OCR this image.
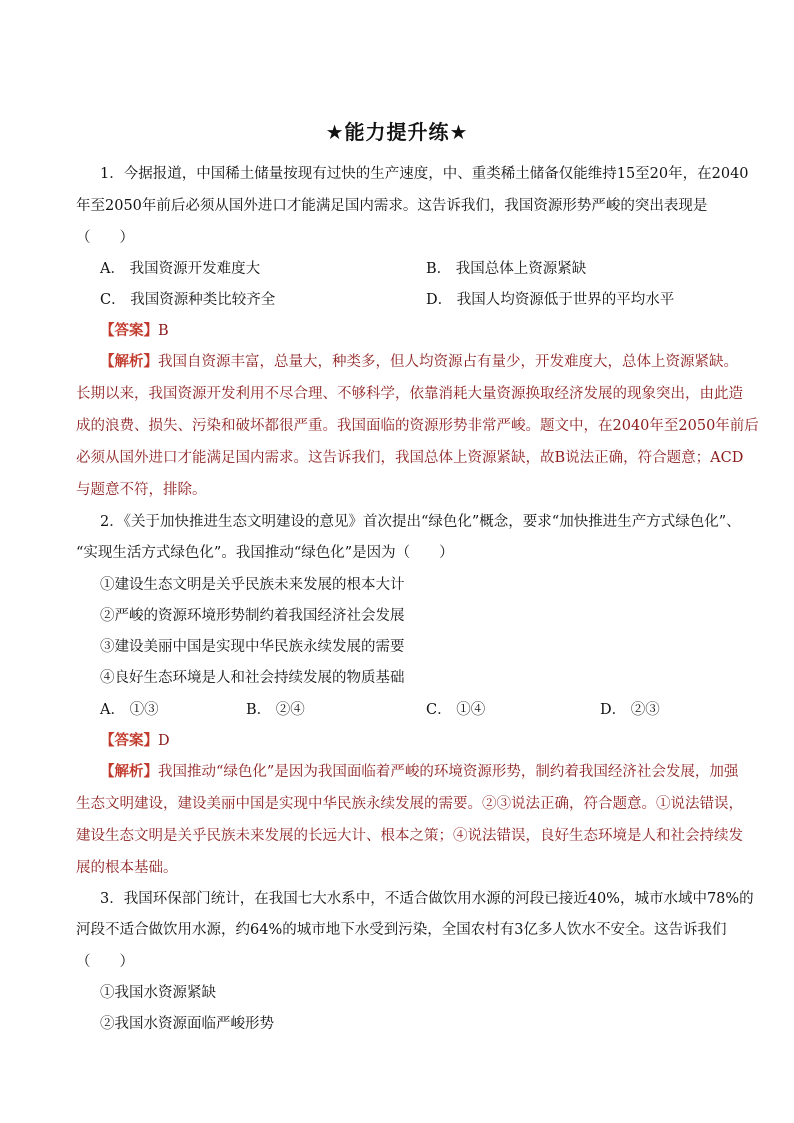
★能力提升练★
1．今据报道，中国稀土储量按现有过快的生产速度，中、重类稀土储备仅能维持15至20年，在2040
年至2050年前后必须从国外进口才能满足国内需求。这告诉我们，我国资源形势严峻的突出表现是
（　　）
A． 我国资源开发难度大	B． 我国总体上资源紧缺
C． 我国资源种类比较齐全	D． 我国人均资源低于世界的平均水平
【答案】B
【解析】我国自资源丰富，总量大，种类多，但人均资源占有量少，开发难度大，总体上资源紧缺。
长期以来，我国资源开发利用不尽合理、不够科学，依靠消耗大量资源换取经济发展的现象突出，由此造
成的浪费、损失、污染和破坏都很严重。我国面临的资源形势非常严峻。题文中，在2040年至2050年前后
必须从国外进口才能满足国内需求。这告诉我们，我国总体上资源紧缺，故B说法正确，符合题意；ACD
与题意不符，排除。
2．《关于加快推进生态文明建设的意见》首次提出“绿色化”概念，要求“加快推进生产方式绿色化”、
“实现生活方式绿色化”。我国推动“绿色化”是因为（　　）
①建设生态文明是关乎民族未来发展的根本大计
②严峻的资源环境形势制约着我国经济社会发展
③建设美丽中国是实现中华民族永续发展的需要
④良好生态环境是人和社会持续发展的物质基础
A． ①③	B． ②④	C． ①④	D． ②③
【答案】D
【解析】我国推动“绿色化”是因为我国面临着严峻的环境资源形势，制约着我国经济社会发展，加强
生态文明建设，建设美丽中国是实现中华民族永续发展的需要。②③说法正确，符合题意。①说法错误，
建设生态文明是关乎民族未来发展的长远大计、根本之策；④说法错误，良好生态环境是人和社会持续发
展的根本基础。
3．我国环保部门统计，在我国七大水系中，不适合做饮用水源的河段已接近40%，城市水域中78%的
河段不适合做饮用水源，约64%的城市地下水受到污染，全国农村有3亿多人饮水不安全。这告诉我们
（　　）
①我国水资源紧缺
②我国水资源面临严峻形势
